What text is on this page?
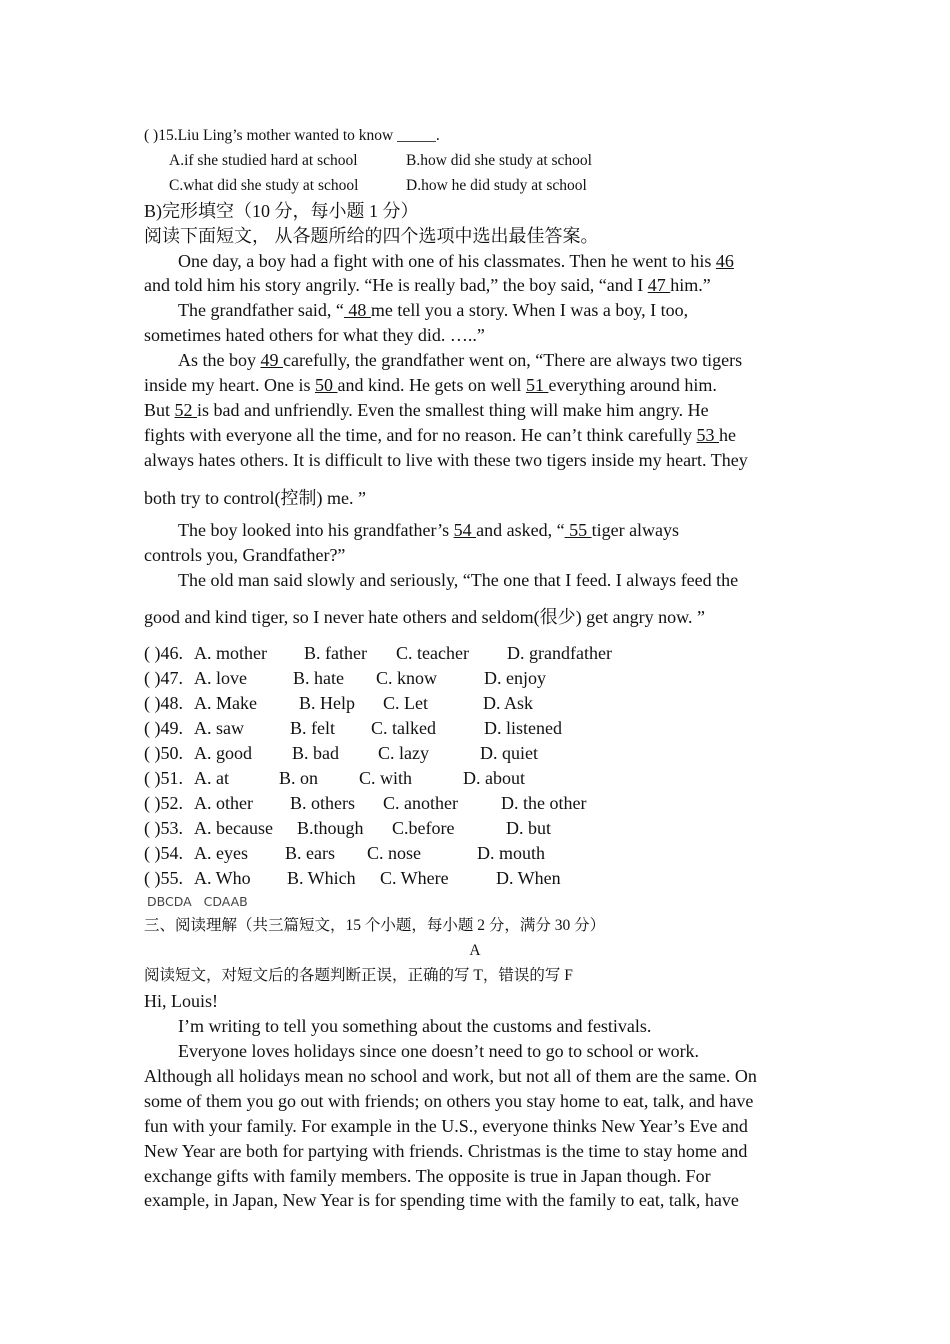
( )15.Liu Ling’s mother wanted to know _____.
A.if she studied hard at school	B.how did she study at school
C.what did she study at school	D.how he did study at school
B)完形填空（10 分，每小题 1 分）
阅读下面短文， 从各题所给的四个选项中选出最佳答案。
One day, a boy had a fight with one of his classmates. Then he went to his 46
and told him his story angrily. “He is really bad,” the boy said, “and I 47 him.”
The grandfather said, “ 48 me tell you a story. When I was a boy, I too,
sometimes hated others for what they did. …..”
As the boy 49 carefully, the grandfather went on, “There are always two tigers
inside my heart. One is 50 and kind. He gets on well 51 everything around him.
But 52 is bad and unfriendly. Even the smallest thing will make him angry. He
fights with everyone all the time, and for no reason. He can’t think carefully 53 he
always hates others. It is difficult to live with these two tigers inside my heart. They
both try to control(控制) me. ”
The boy looked into his grandfather’s 54 and asked, “ 55 tiger always
controls you, Grandfather?”
The old man said slowly and seriously, “The one that I feed. I always feed the
good and kind tiger, so I never hate others and seldom(很少) get angry now. ”
( )46. A. mother B. father C. teacher D. grandfather
( )47. A. love	B. hate C. know	D. enjoy
( )48. A. Make B. Help C. Let	D. Ask
( )49. A. saw	B. felt C. talked	D. listened
( )50. A. good B. bad C. lazy	D. quiet
( )51. A. at	B. on C. with	D. about
( )52. A. other B. others C. another D. the other
( )53. A. because B.though C.before	D. but
( )54. A. eyes B. ears C. nose	D. mouth
( )55. A. Who B. Which C. Where	D. When
DBCDA   CDAAB
三、阅读理解（共三篇短文，15 个小题，每小题 2 分，满分 30 分）
A
阅读短文，对短文后的各题判断正误，正确的写 T，错误的写 F
Hi, Louis!
I’m writing to tell you something about the customs and festivals.
Everyone loves holidays since one doesn’t need to go to school or work.
Although all holidays mean no school and work, but not all of them are the same. On
some of them you go out with friends; on others you stay home to eat, talk, and have
fun with your family. For example in the U.S., everyone thinks New Year’s Eve and
New Year are both for partying with friends. Christmas is the time to stay home and
exchange gifts with family members. The opposite is true in Japan though. For
example, in Japan, New Year is for spending time with the family to eat, talk, have
